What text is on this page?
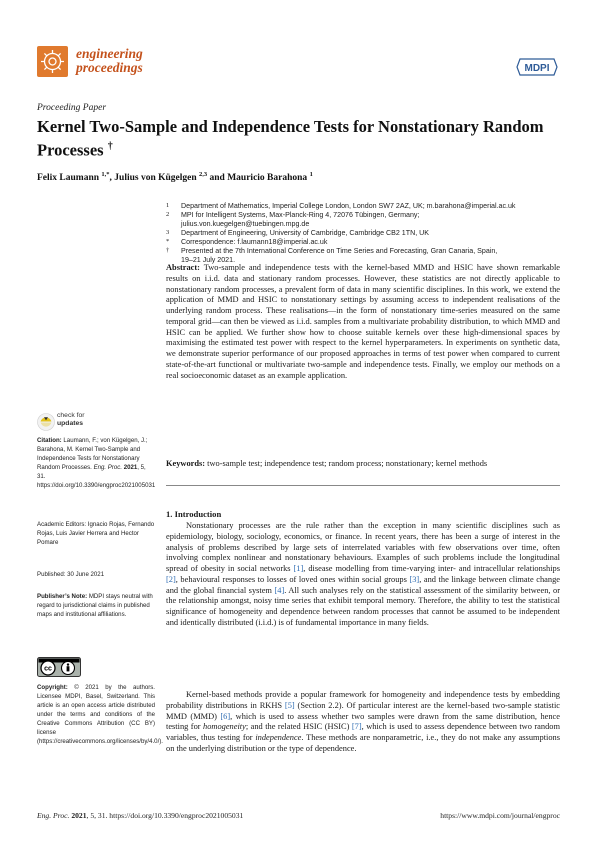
engineering
proceedings	MDPI
Proceeding Paper
Kernel Two-Sample and Independence Tests for Nonstationary Random Processes †
Felix Laumann $^{1,*}$, Julius von Kügelgen $^{2,3}$ and Mauricio Barahona $^1$
1	Department of Mathematics, Imperial College London, London SW7 2AZ, UK; m.barahona@imperial.ac.uk
2	MPI for Intelligent Systems, Max-Planck-Ring 4, 72076 Tübingen, Germany;
julius.von.kuegelgen@tuebingen.mpg.de
3	Department of Engineering, University of Cambridge, Cambridge CB2 1TN, UK
*	Correspondence: f.laumann18@imperial.ac.uk
†	Presented at the 7th International Conference on Time Series and Forecasting, Gran Canaria, Spain,
19–21 July 2021.
Abstract: Two-sample and independence tests with the kernel-based MMD and HSIC have shown remarkable results on i.i.d. data and stationary random processes. However, these statistics are not directly applicable to nonstationary random processes, a prevalent form of data in many scientific disciplines. In this work, we extend the application of MMD and HSIC to nonstationary settings by assuming access to independent realisations of the underlying random process. These realisations—in the form of nonstationary time-series measured on the same temporal grid—can then be viewed as i.i.d. samples from a multivariate probability distribution, to which MMD and HSIC can be applied. We further show how to choose suitable kernels over these high-dimensional spaces by maximising the estimated test power with respect to the kernel hyperparameters. In experiments on synthetic data, we demonstrate superior performance of our proposed approaches in terms of test power when compared to current state-of-the-art functional or multivariate two-sample and independence tests. Finally, we employ our methods on a real socioeconomic dataset as an example application.
Keywords: two-sample test; independence test; random process; nonstationary; kernel methods
1. Introduction
Nonstationary processes are the rule rather than the exception in many scientific disciplines such as epidemiology, biology, sociology, economics, or finance. In recent years, there has been a surge of interest in the analysis of problems described by large sets of interrelated variables with few observations over time, often involving complex nonlinear and nonstationary behaviours. Examples of such problems include the longitudinal spread of obesity in social networks [1], disease modelling from time-varying inter- and intracellular relationships [2], behavioural responses to losses of loved ones within social groups [3], and the linkage between climate change and the global financial system [4]. All such analyses rely on the statistical assessment of the similarity between, or the relationship amongst, noisy time series that exhibit temporal memory. Therefore, the ability to test the statistical significance of homogeneity and dependence between random processes that cannot be assumed to be independent and identically distributed (i.i.d.) is of fundamental importance in many fields.
Kernel-based methods provide a popular framework for homogeneity and independence tests by embedding probability distributions in RKHS [5] (Section 2.2). Of particular interest are the kernel-based two-sample statistic MMD (MMD) [6], which is used to assess whether two samples were drawn from the same distribution, hence testing for homogeneity; and the related HSIC (HSIC) [7], which is used to assess dependence between two random variables, thus testing for independence. These methods are nonparametric, i.e., they do not make any assumptions on the underlying distribution or the type of dependence.
check for
updates
Citation: Laumann, F.; von Kügelgen, J.; Barahona, M. Kernel Two-Sample and Independence Tests for Nonstationary Random Processes. Eng. Proc. 2021, 5, 31. https://doi.org/10.3390/engproc2021005031
Academic Editors: Ignacio Rojas, Fernando Rojas, Luis Javier Herrera and Hector Pomare
Published: 30 June 2021
Publisher’s Note: MDPI stays neutral with regard to jurisdictional claims in published maps and institutional affiliations.
cc
Copyright: © 2021 by the authors. Licensee MDPI, Basel, Switzerland. This article is an open access article distributed under the terms and conditions of the Creative Commons Attribution (CC BY) license (https://creativecommons.org/licenses/by/4.0/).
Eng. Proc. 2021, 5, 31. https://doi.org/10.3390/engproc2021005031	https://www.mdpi.com/journal/engproc
